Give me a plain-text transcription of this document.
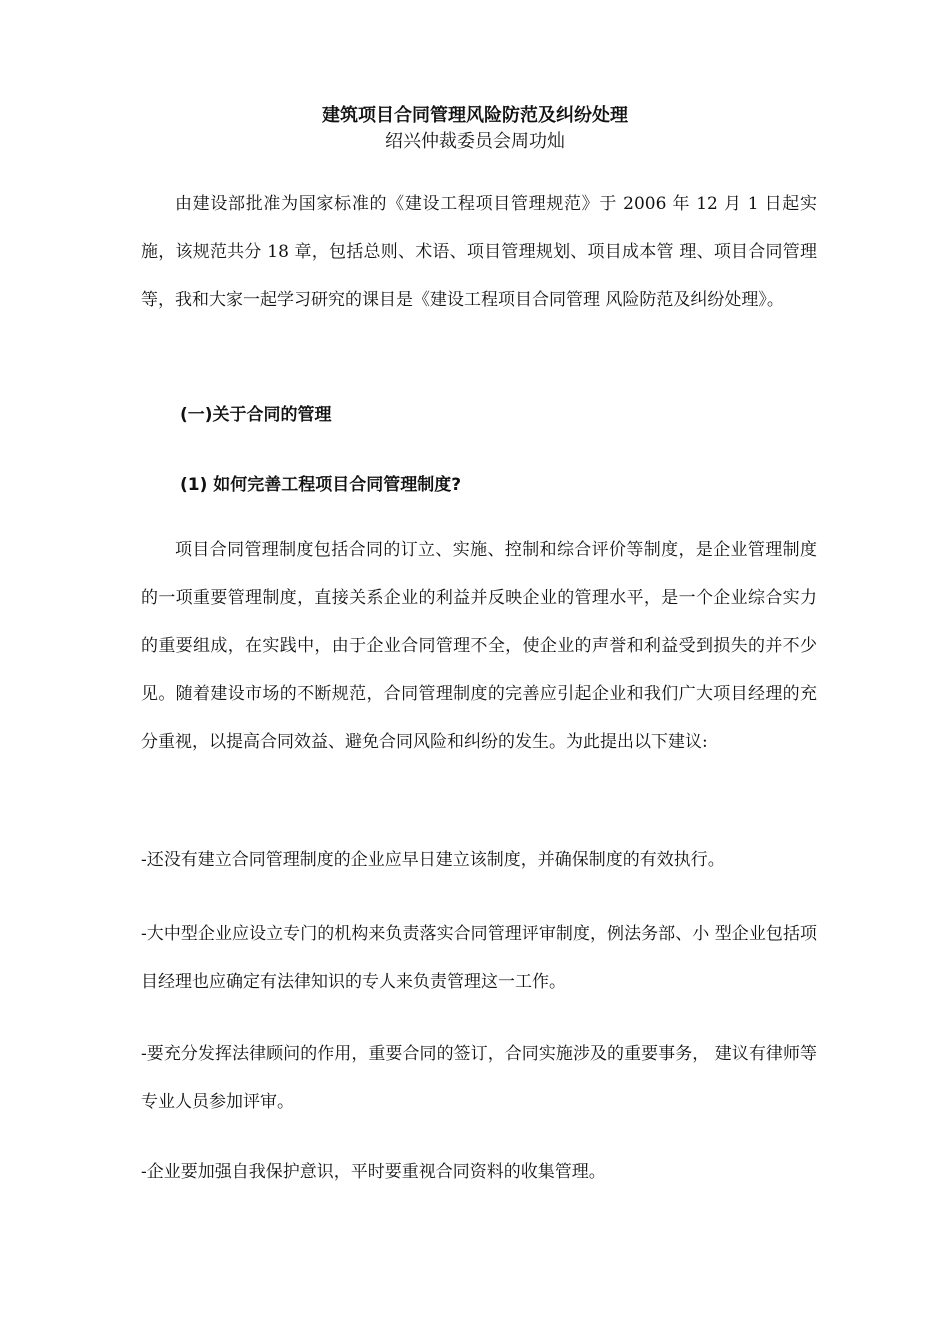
建筑项目合同管理风险防范及纠纷处理
绍兴仲裁委员会周功灿

由建设部批准为国家标准的《建设工程项目管理规范》于 2006 年 12 月 1 日起实施，该规范共分 18 章，包括总则、术语、项目管理规划、项目成本管 理、项目合同管理等，我和大家一起学习研究的课目是《建设工程项目合同管理 风险防范及纠纷处理》。

(一)关于合同的管理

(1) 如何完善工程项目合同管理制度?

项目合同管理制度包括合同的订立、实施、控制和综合评价等制度，是企业管理制度的一项重要管理制度，直接关系企业的利益并反映企业的管理水平，是一个企业综合实力的重要组成，在实践中，由于企业合同管理不全，使企业的声誉和利益受到损失的并不少见。随着建设市场的不断规范，合同管理制度的完善应引起企业和我们广大项目经理的充分重视，以提高合同效益、避免合同风险和纠纷的发生。为此提出以下建议:

-还没有建立合同管理制度的企业应早日建立该制度，并确保制度的有效执行。

-大中型企业应设立专门的机构来负责落实合同管理评审制度，例法务部、小 型企业包括项目经理也应确定有法律知识的专人来负责管理这一工作。

-要充分发挥法律顾问的作用，重要合同的签订，合同实施涉及的重要事务， 建议有律师等专业人员参加评审。

-企业要加强自我保护意识，平时要重视合同资料的收集管理。
